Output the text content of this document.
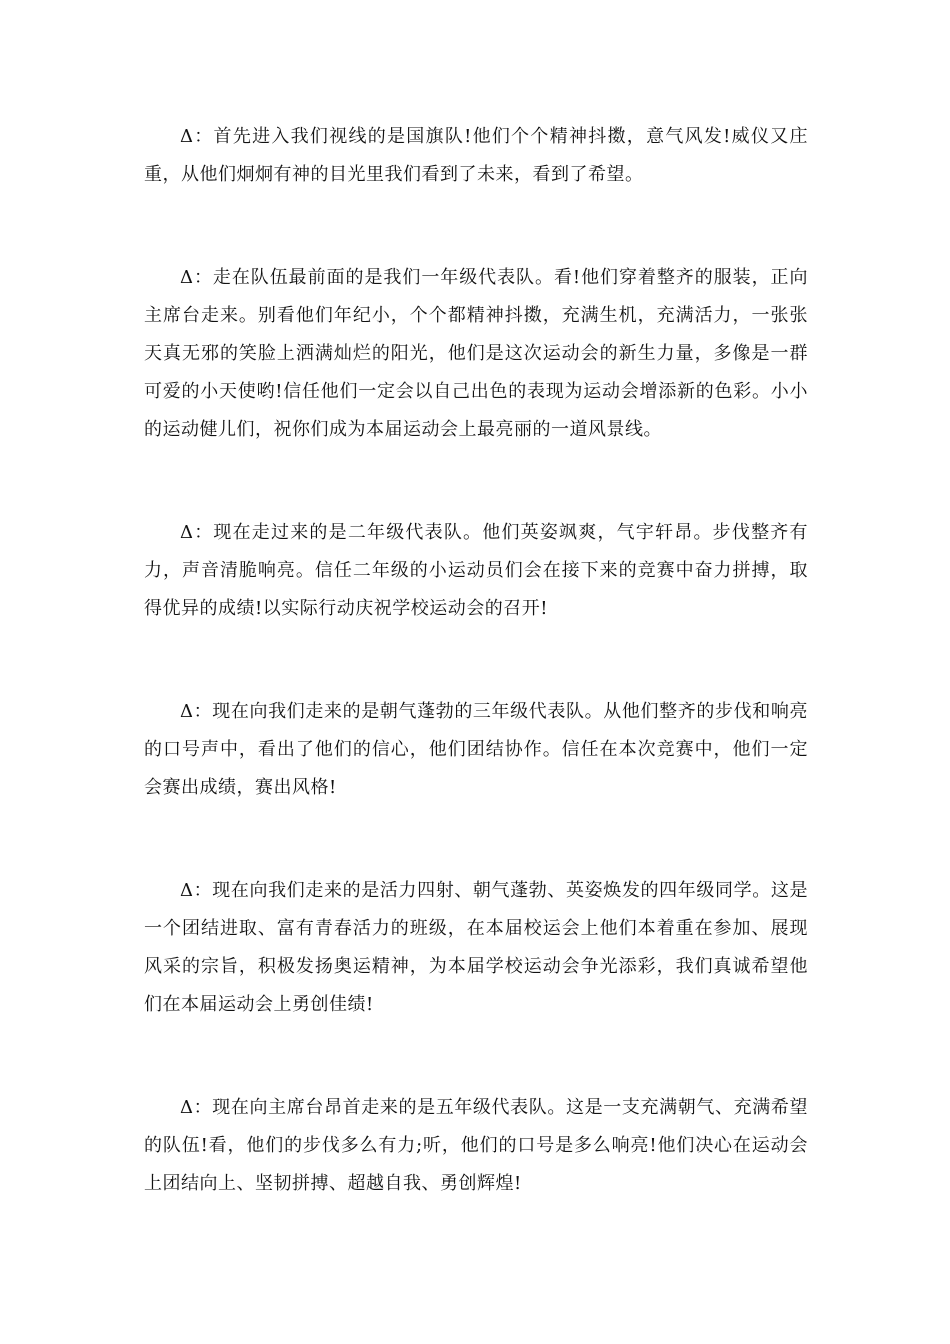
Δ：首先进入我们视线的是国旗队!他们个个精神抖擞，意气风发!威仪又庄重，从他们炯炯有神的目光里我们看到了未来，看到了希望。

Δ：走在队伍最前面的是我们一年级代表队。看!他们穿着整齐的服装，正向主席台走来。别看他们年纪小，个个都精神抖擞，充满生机，充满活力，一张张天真无邪的笑脸上洒满灿烂的阳光，他们是这次运动会的新生力量，多像是一群可爱的小天使哟!信任他们一定会以自己出色的表现为运动会增添新的色彩。小小的运动健儿们，祝你们成为本届运动会上最亮丽的一道风景线。

Δ：现在走过来的是二年级代表队。他们英姿飒爽，气宇轩昂。步伐整齐有力，声音清脆响亮。信任二年级的小运动员们会在接下来的竞赛中奋力拼搏，取得优异的成绩!以实际行动庆祝学校运动会的召开!

Δ：现在向我们走来的是朝气蓬勃的三年级代表队。从他们整齐的步伐和响亮的口号声中，看出了他们的信心，他们团结协作。信任在本次竞赛中，他们一定会赛出成绩，赛出风格!

Δ：现在向我们走来的是活力四射、朝气蓬勃、英姿焕发的四年级同学。这是一个团结进取、富有青春活力的班级，在本届校运会上他们本着重在参加、展现风采的宗旨，积极发扬奥运精神，为本届学校运动会争光添彩，我们真诚希望他们在本届运动会上勇创佳绩!

Δ：现在向主席台昂首走来的是五年级代表队。这是一支充满朝气、充满希望的队伍!看，他们的步伐多么有力;听，他们的口号是多么响亮!他们决心在运动会上团结向上、坚韧拼搏、超越自我、勇创辉煌!
